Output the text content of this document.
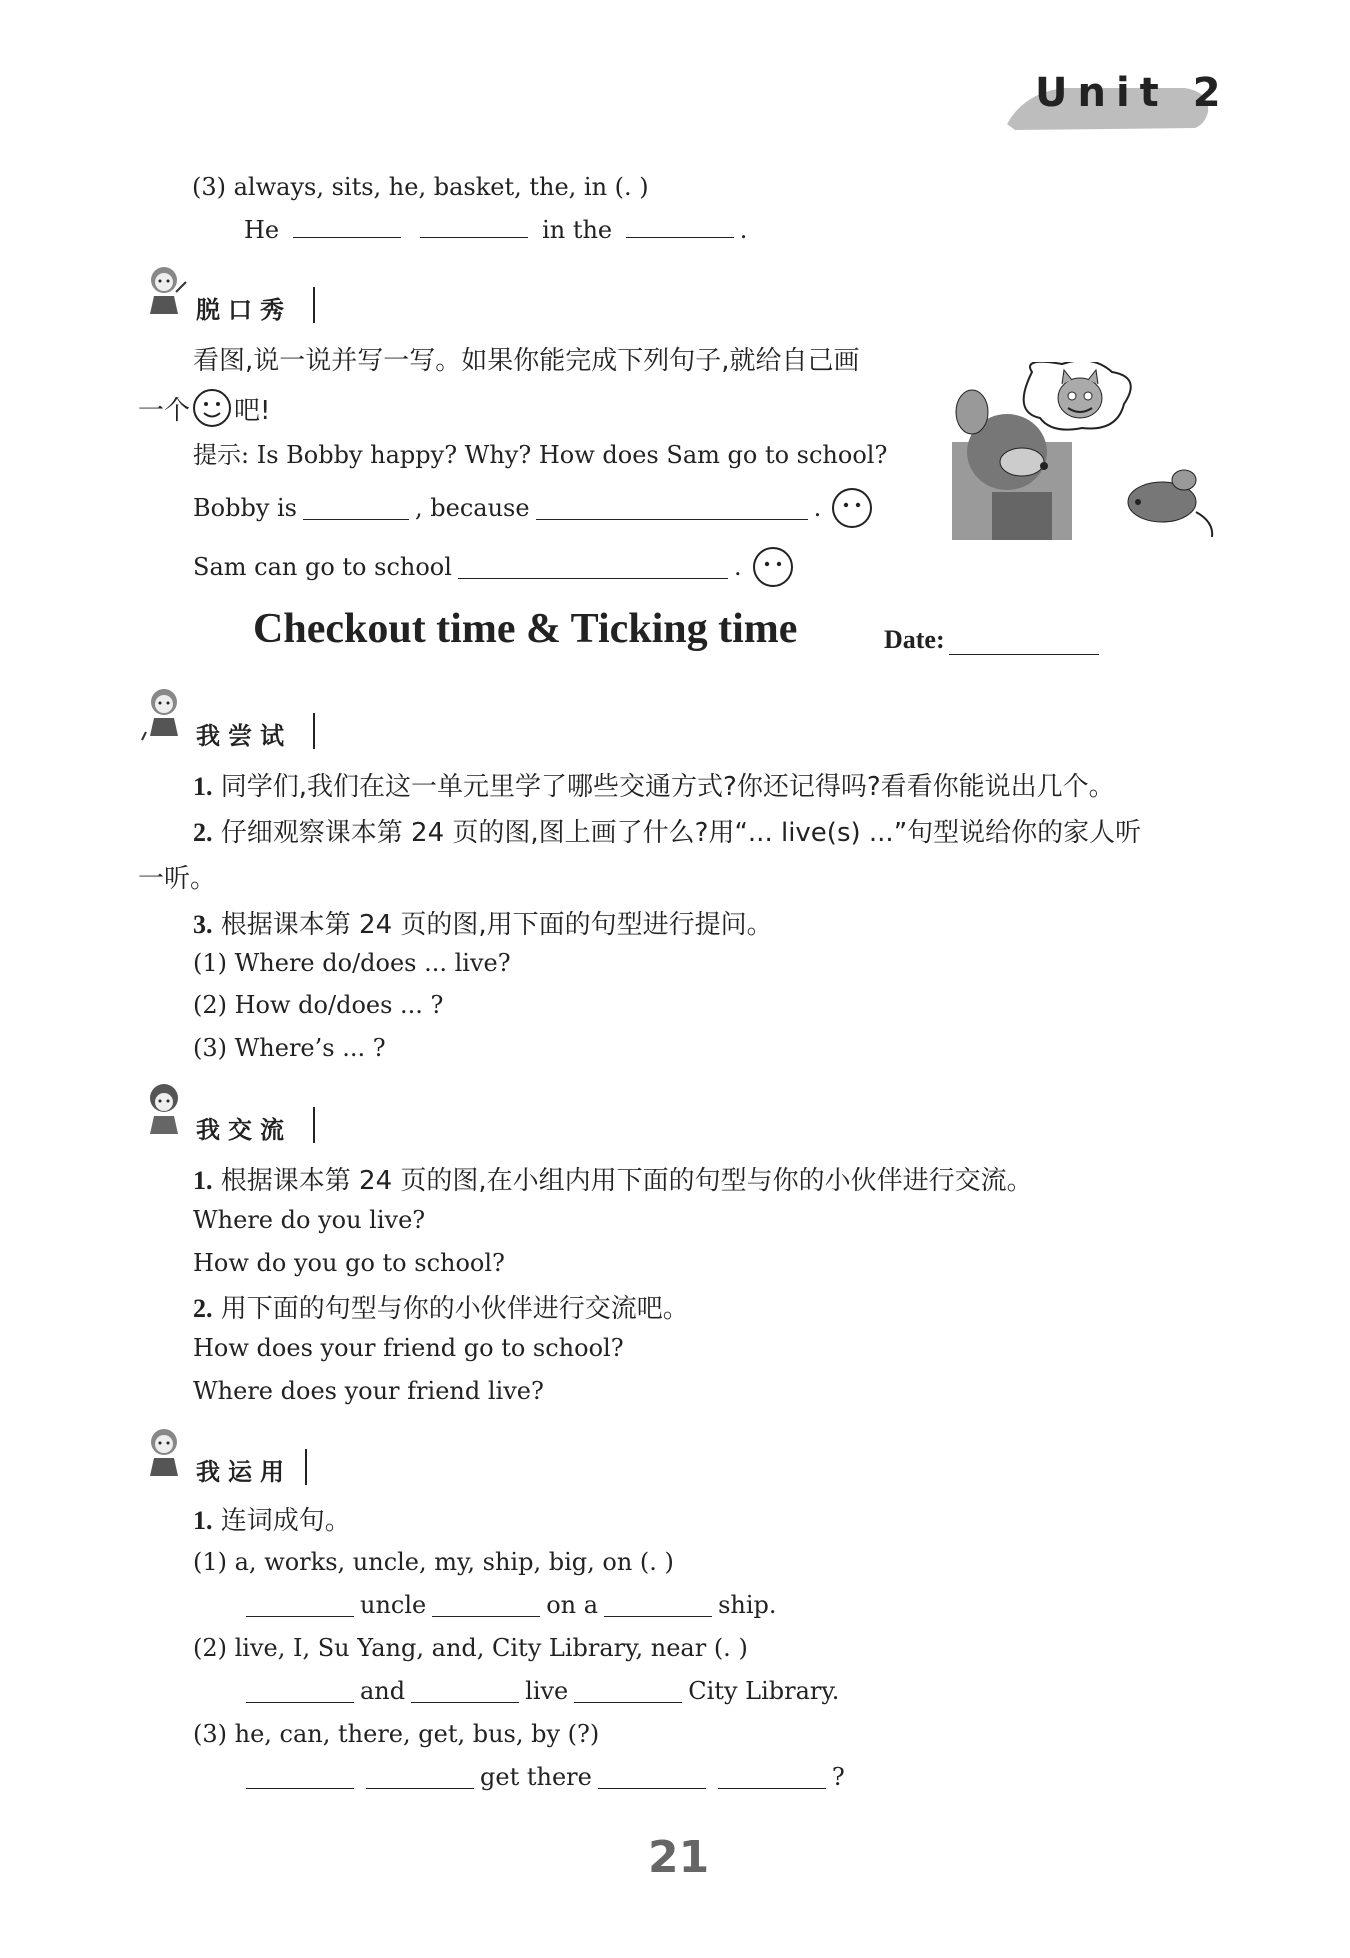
Unit 2
(3) always, sits, he, basket, the, in (. )
He	in the	.
脱口秀
看图,说一说并写一写。如果你能完成下列句子,就给自己画
一个 吧!
提示: Is Bobby happy? Why? How does Sam go to school?
Bobby is	, because	.
Sam can go to school	.
Checkout time & Ticking time	Date:
我尝试
1. 同学们,我们在这一单元里学了哪些交通方式?你还记得吗?看看你能说出几个。
2. 仔细观察课本第 24 页的图,图上画了什么?用“... live(s) ...”句型说给你的家人听
一听。
3. 根据课本第 24 页的图,用下面的句型进行提问。
(1) Where do/does ... live?
(2) How do/does ... ?
(3) Where’s ... ?
我交流
1. 根据课本第 24 页的图,在小组内用下面的句型与你的小伙伴进行交流。
Where do you live?
How do you go to school?
2. 用下面的句型与你的小伙伴进行交流吧。
How does your friend go to school?
Where does your friend live?
我运用
1. 连词成句。
(1) a, works, uncle, my, ship, big, on (. )
uncle	on a	ship.
(2) live, I, Su Yang, and, City Library, near (. )
and	live	City Library.
(3) he, can, there, get, bus, by (?)
get there	?
21
